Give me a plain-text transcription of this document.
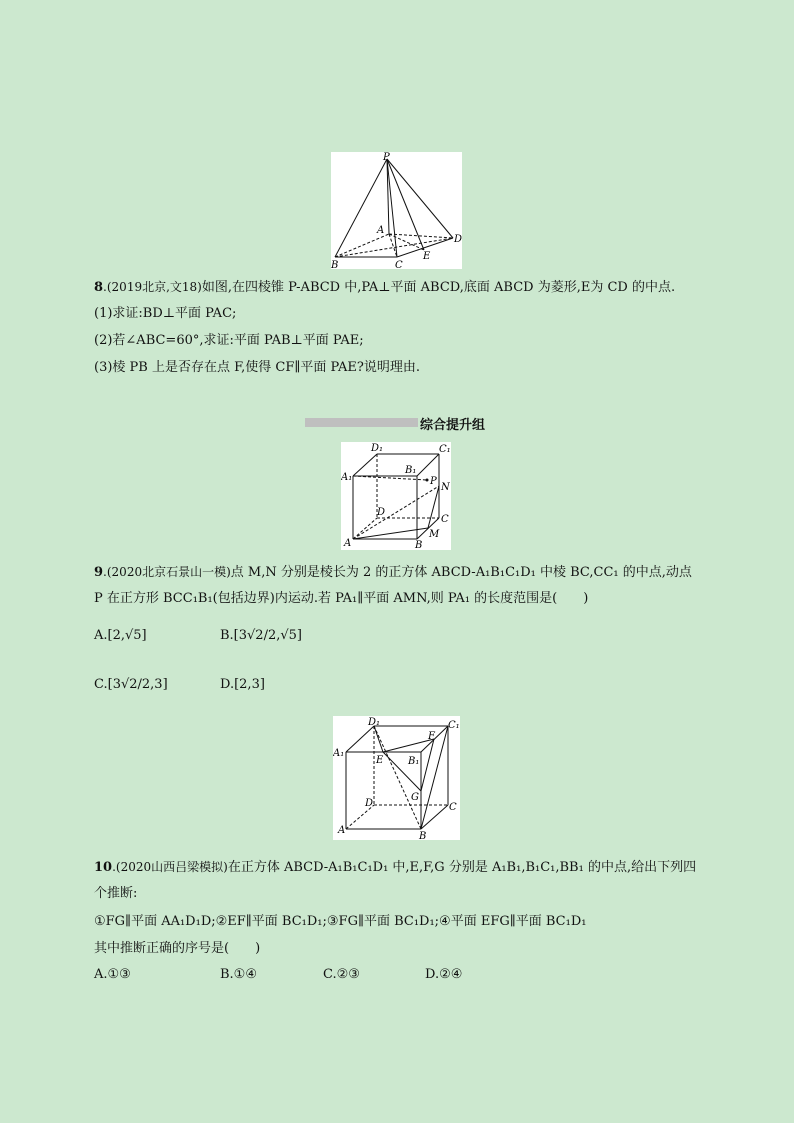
P
A
B	C
D
E
8.(2019北京,文18)如图,在四棱锥 P-ABCD 中,PA⊥平面 ABCD,底面 ABCD 为菱形,E为 CD 的中点.
(1)求证:BD⊥平面 PAC;
(2)若∠ABC=60°,求证:平面 PAB⊥平面 PAE;
(3)棱 PB 上是否存在点 F,使得 CF∥平面 PAE?说明理由.
综合提升组
D₁	C₁
A₁
B₁
P
N
D
C
A	B
M
9.(2020北京石景山一模)点 M,N 分别是棱长为 2 的正方体 ABCD-A₁B₁C₁D₁ 中棱 BC,CC₁ 的中点,动点
P 在正方形 BCC₁B₁(包括边界)内运动.若 PA₁∥平面 AMN,则 PA₁ 的长度范围是(　　)
A.[2,√5]	B.[3√2/2,√5]
C.[3√2/2,3]	D.[2,3]
D₁	C₁
A₁
F
E B₁
D
G
C
A
B
10.(2020山西吕梁模拟)在正方体 ABCD-A₁B₁C₁D₁ 中,E,F,G 分别是 A₁B₁,B₁C₁,BB₁ 的中点,给出下列四
个推断:
①FG∥平面 AA₁D₁D;②EF∥平面 BC₁D₁;③FG∥平面 BC₁D₁;④平面 EFG∥平面 BC₁D₁
其中推断正确的序号是(　　)
A.①③	B.①④	C.②③	D.②④
